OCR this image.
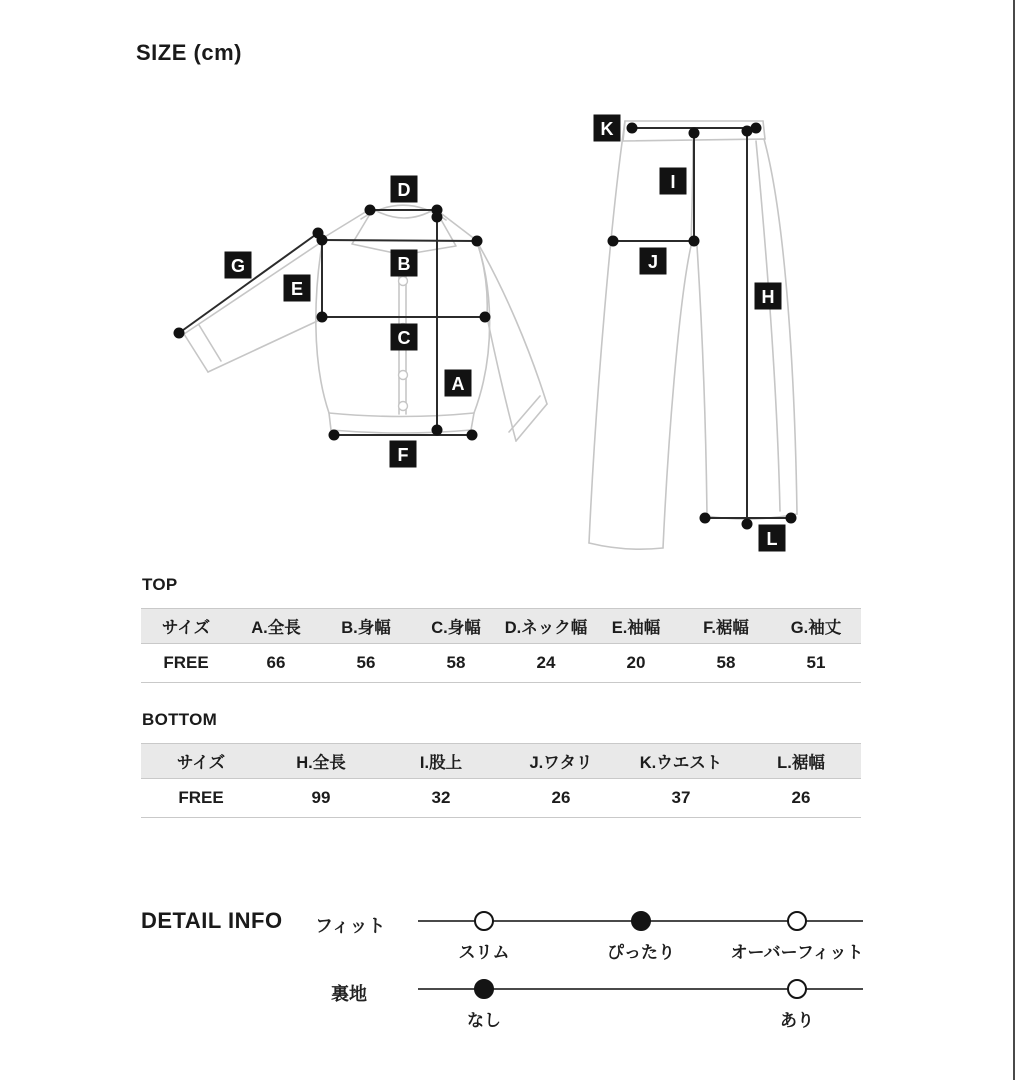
SIZE (cm)
D
B
G
E
C
A
F
K
I
J
H
L
TOP
サイズ	A.全長	B.身幅	C.身幅	D.ネック幅	E.袖幅	F.裾幅	G.袖丈
FREE	66	56	58	24	20	58	51
BOTTOM
サイズ	H.全長	I.股上	J.ワタリ	K.ウエスト	L.裾幅
FREE	99	32	26	37	26
DETAIL INFO フィット
スリム	ぴったり	オーバーフィット
裏地
なし	あり
